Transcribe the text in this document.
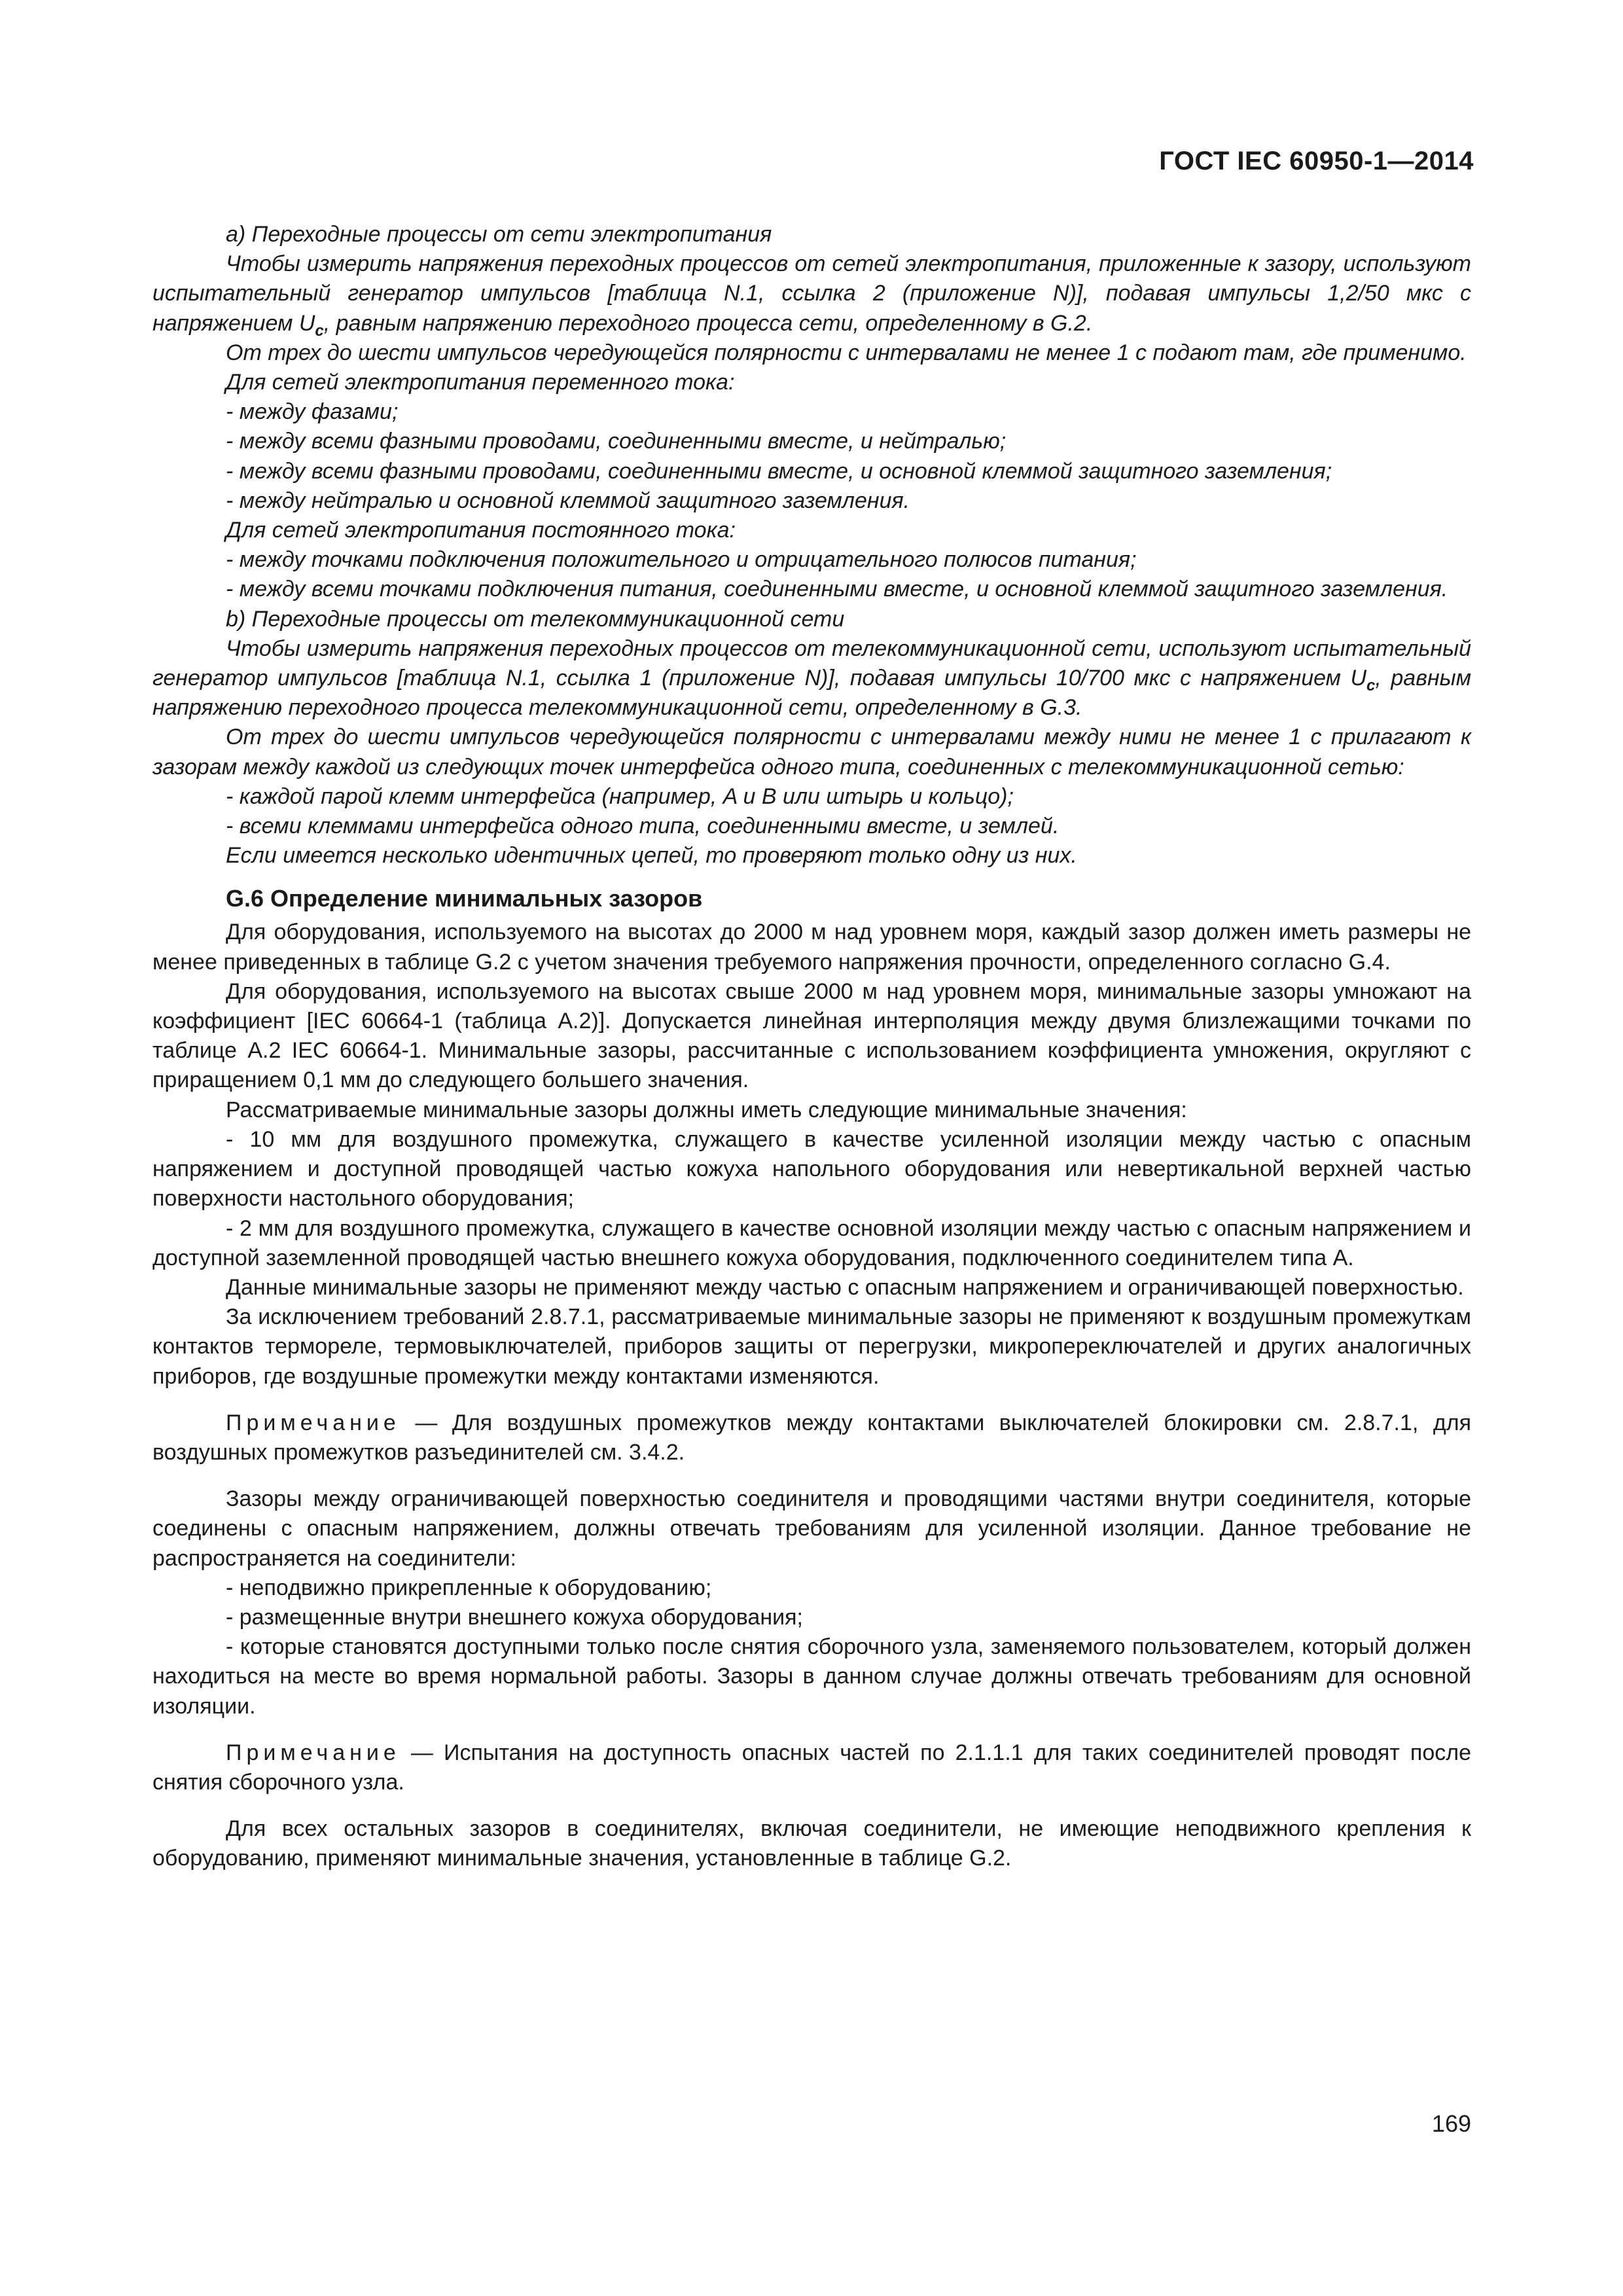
ГОСТ IEC 60950-1—2014

a) Переходные процессы от сети электропитания

Чтобы измерить напряжения переходных процессов от сетей электропитания, приложенные к зазору, используют испытательный генератор импульсов [таблица N.1, ссылка 2 (приложение N)], подавая импульсы 1,2/50 мкс с напряжением $U_c$, равным напряжению переходного процесса сети, определенному в G.2.

От трех до шести импульсов чередующейся полярности с интервалами не менее 1 с подают там, где применимо.

Для сетей электропитания переменного тока:

- между фазами;

- между всеми фазными проводами, соединенными вместе, и нейтралью;

- между всеми фазными проводами, соединенными вместе, и основной клеммой защитного заземления;

- между нейтралью и основной клеммой защитного заземления.

Для сетей электропитания постоянного тока:

- между точками подключения положительного и отрицательного полюсов питания;

- между всеми точками подключения питания, соединенными вместе, и основной клеммой защитного заземления.

b) Переходные процессы от телекоммуникационной сети

Чтобы измерить напряжения переходных процессов от телекоммуникационной сети, используют испытательный генератор импульсов [таблица N.1, ссылка 1 (приложение N)], подавая импульсы 10/700 мкс с напряжением $U_c$, равным напряжению переходного процесса телекоммуникационной сети, определенному в G.3.

От трех до шести импульсов чередующейся полярности с интервалами между ними не менее 1 с прилагают к зазорам между каждой из следующих точек интерфейса одного типа, соединенных с телекоммуникационной сетью:

- каждой парой клемм интерфейса (например, A и B или штырь и кольцо);

- всеми клеммами интерфейса одного типа, соединенными вместе, и землей.

Если имеется несколько идентичных цепей, то проверяют только одну из них.

G.6 Определение минимальных зазоров

Для оборудования, используемого на высотах до 2000 м над уровнем моря, каждый зазор должен иметь размеры не менее приведенных в таблице G.2 с учетом значения требуемого напряжения прочности, определенного согласно G.4.

Для оборудования, используемого на высотах свыше 2000 м над уровнем моря, минимальные зазоры умножают на коэффициент [IEC 60664-1 (таблица A.2)]. Допускается линейная интерполяция между двумя близлежащими точками по таблице A.2 IEC 60664-1. Минимальные зазоры, рассчитанные с использованием коэффициента умножения, округляют с приращением 0,1 мм до следующего большего значения.

Рассматриваемые минимальные зазоры должны иметь следующие минимальные значения:

- 10 мм для воздушного промежутка, служащего в качестве усиленной изоляции между частью с опасным напряжением и доступной проводящей частью кожуха напольного оборудования или невертикальной верхней частью поверхности настольного оборудования;

- 2 мм для воздушного промежутка, служащего в качестве основной изоляции между частью с опасным напряжением и доступной заземленной проводящей частью внешнего кожуха оборудования, подключенного соединителем типа A.

Данные минимальные зазоры не применяют между частью с опасным напряжением и ограничивающей поверхностью.

За исключением требований 2.8.7.1, рассматриваемые минимальные зазоры не применяют к воздушным промежуткам контактов термореле, термовыключателей, приборов защиты от перегрузки, микропереключателей и других аналогичных приборов, где воздушные промежутки между контактами изменяются.

Примечание — Для воздушных промежутков между контактами выключателей блокировки см. 2.8.7.1, для воздушных промежутков разъединителей см. 3.4.2.

Зазоры между ограничивающей поверхностью соединителя и проводящими частями внутри соединителя, которые соединены с опасным напряжением, должны отвечать требованиям для усиленной изоляции. Данное требование не распространяется на соединители:

- неподвижно прикрепленные к оборудованию;

- размещенные внутри внешнего кожуха оборудования;

- которые становятся доступными только после снятия сборочного узла, заменяемого пользователем, который должен находиться на месте во время нормальной работы. Зазоры в данном случае должны отвечать требованиям для основной изоляции.

Примечание — Испытания на доступность опасных частей по 2.1.1.1 для таких соединителей проводят после снятия сборочного узла.

Для всех остальных зазоров в соединителях, включая соединители, не имеющие неподвижного крепления к оборудованию, применяют минимальные значения, установленные в таблице G.2.

169
